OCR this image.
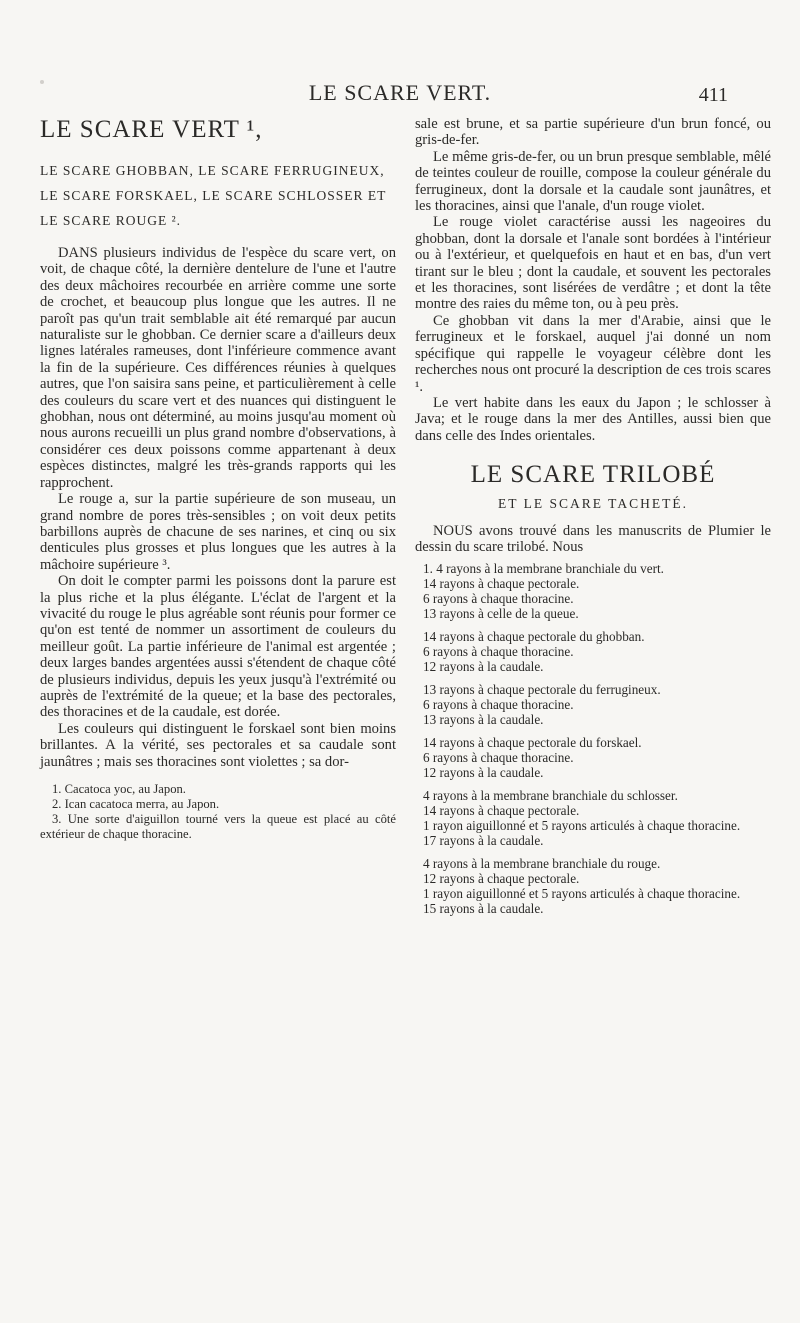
LE SCARE VERT.	411
LE SCARE VERT ¹,
LE SCARE GHOBBAN, LE SCARE FERRUGINEUX, LE SCARE FORSKAEL, LE SCARE SCHLOSSER ET LE SCARE ROUGE ².

DANS plusieurs individus de l'espèce du scare vert, on voit, de chaque côté, la dernière dentelure de l'une et l'autre des deux mâchoires recourbée en arrière comme une sorte de crochet, et beaucoup plus longue que les autres. Il ne paroît pas qu'un trait semblable ait été remarqué par aucun naturaliste sur le ghobban. Ce dernier scare a d'ailleurs deux lignes latérales rameuses, dont l'inférieure commence avant la fin de la supérieure. Ces différences réunies à quelques autres, que l'on saisira sans peine, et particulièrement à celle des couleurs du scare vert et des nuances qui distinguent le ghobhan, nous ont déterminé, au moins jusqu'au moment où nous aurons recueilli un plus grand nombre d'observations, à considérer ces deux poissons comme appartenant à deux espèces distinctes, malgré les très-grands rapports qui les rapprochent.

Le rouge a, sur la partie supérieure de son museau, un grand nombre de pores très-sensibles ; on voit deux petits barbillons auprès de chacune de ses narines, et cinq ou six denticules plus grosses et plus longues que les autres à la mâchoire supérieure ³.

On doit le compter parmi les poissons dont la parure est la plus riche et la plus élégante. L'éclat de l'argent et la vivacité du rouge le plus agréable sont réunis pour former ce qu'on est tenté de nommer un assortiment de couleurs du meilleur goût. La partie inférieure de l'animal est argentée ; deux larges bandes argentées aussi s'étendent de chaque côté de plusieurs individus, depuis les yeux jusqu'à l'extrémité ou auprès de l'extrémité de la queue; et la base des pectorales, des thoracines et de la caudale, est dorée.

Les couleurs qui distinguent le forskael sont bien moins brillantes. A la vérité, ses pectorales et sa caudale sont jaunâtres ; mais ses thoracines sont violettes ; sa dor-

1. Cacatoca yoc, au Japon.
2. Ican cacatoca merra, au Japon.
3. Une sorte d'aiguillon tourné vers la queue est placé au côté extérieur de chaque thoracine.

sale est brune, et sa partie supérieure d'un brun foncé, ou gris-de-fer.

Le même gris-de-fer, ou un brun presque semblable, mêlé de teintes couleur de rouille, compose la couleur générale du ferrugineux, dont la dorsale et la caudale sont jaunâtres, et les thoracines, ainsi que l'anale, d'un rouge violet.

Le rouge violet caractérise aussi les nageoires du ghobban, dont la dorsale et l'anale sont bordées à l'intérieur ou à l'extérieur, et quelquefois en haut et en bas, d'un vert tirant sur le bleu ; dont la caudale, et souvent les pectorales et les thoracines, sont lisérées de verdâtre ; et dont la tête montre des raies du même ton, ou à peu près.

Ce ghobban vit dans la mer d'Arabie, ainsi que le ferrugineux et le forskael, auquel j'ai donné un nom spécifique qui rappelle le voyageur célèbre dont les recherches nous ont procuré la description de ces trois scares ¹.

Le vert habite dans les eaux du Japon ; le schlosser à Java; et le rouge dans la mer des Antilles, aussi bien que dans celle des Indes orientales.

LE SCARE TRILOBÉ
ET LE SCARE TACHETÉ.

NOUS avons trouvé dans les manuscrits de Plumier le dessin du scare trilobé. Nous

1. 4 rayons à la membrane branchiale du vert.
14 rayons à chaque pectorale.
6 rayons à chaque thoracine.
13 rayons à celle de la queue.
14 rayons à chaque pectorale du ghobban.
6 rayons à chaque thoracine.
12 rayons à la caudale.
13 rayons à chaque pectorale du ferrugineux.
6 rayons à chaque thoracine.
13 rayons à la caudale.
14 rayons à chaque pectorale du forskael.
6 rayons à chaque thoracine.
12 rayons à la caudale.
4 rayons à la membrane branchiale du schlosser.
14 rayons à chaque pectorale.
1 rayon aiguillonné et 5 rayons articulés à chaque thoracine.
17 rayons à la caudale.
4 rayons à la membrane branchiale du rouge.
12 rayons à chaque pectorale.
1 rayon aiguillonné et 5 rayons articulés à chaque thoracine.
15 rayons à la caudale.
